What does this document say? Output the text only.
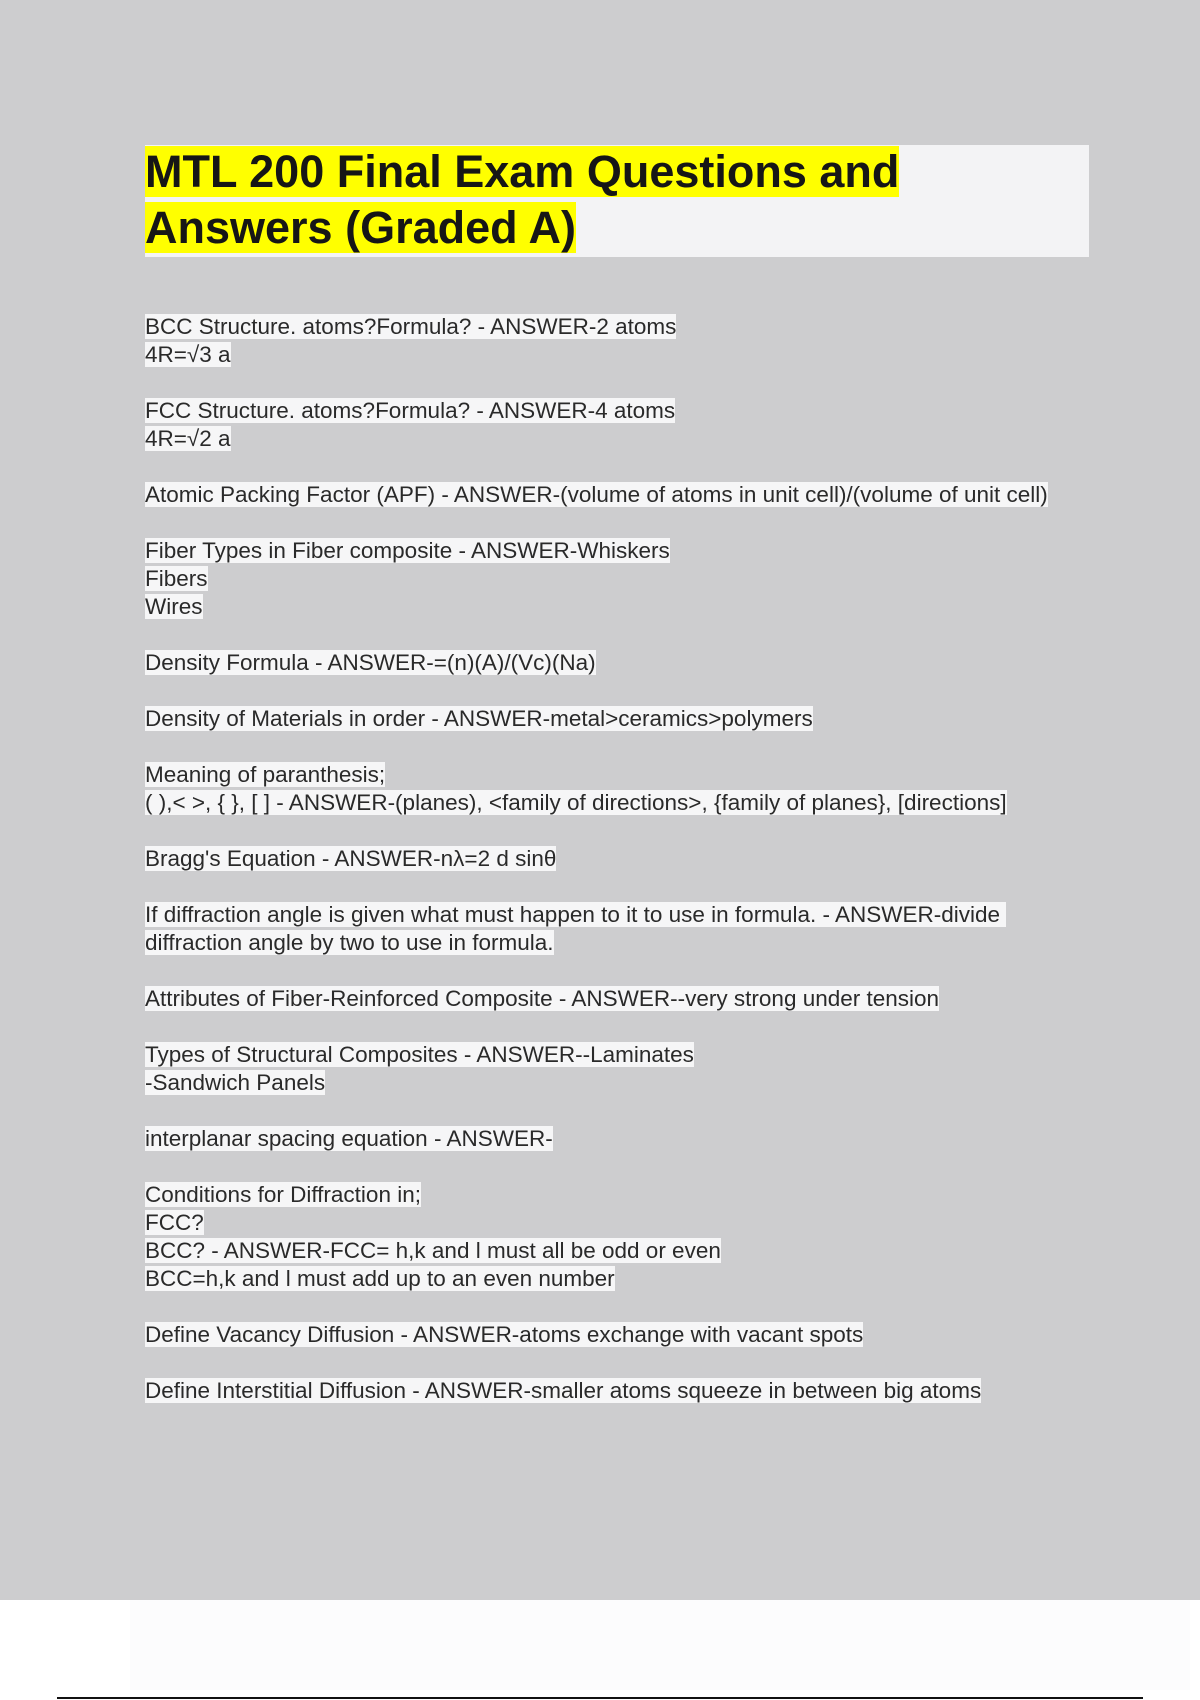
MTL 200 Final Exam Questions and Answers (Graded A)
BCC Structure. atoms?Formula? - ANSWER-2 atoms
4R=√3 a
FCC Structure. atoms?Formula? - ANSWER-4 atoms
4R=√2 a
Atomic Packing Factor (APF) - ANSWER-(volume of atoms in unit cell)/(volume of unit cell)
Fiber Types in Fiber composite - ANSWER-Whiskers
Fibers
Wires
Density Formula - ANSWER-=(n)(A)/(Vc)(Na)
Density of Materials in order - ANSWER-metal>ceramics>polymers
Meaning of paranthesis;
( ),< >, { }, [ ] - ANSWER-(planes), <family of directions>, {family of planes}, [directions]
Bragg's Equation - ANSWER-nλ=2 d sinθ
If diffraction angle is given what must happen to it to use in formula. - ANSWER-divide diffraction angle by two to use in formula.
Attributes of Fiber-Reinforced Composite - ANSWER--very strong under tension
Types of Structural Composites - ANSWER--Laminates
-Sandwich Panels
interplanar spacing equation - ANSWER-
Conditions for Diffraction in;
FCC?
BCC? - ANSWER-FCC= h,k and l must all be odd or even
BCC=h,k and l must add up to an even number
Define Vacancy Diffusion - ANSWER-atoms exchange with vacant spots
Define Interstitial Diffusion - ANSWER-smaller atoms squeeze in between big atoms
